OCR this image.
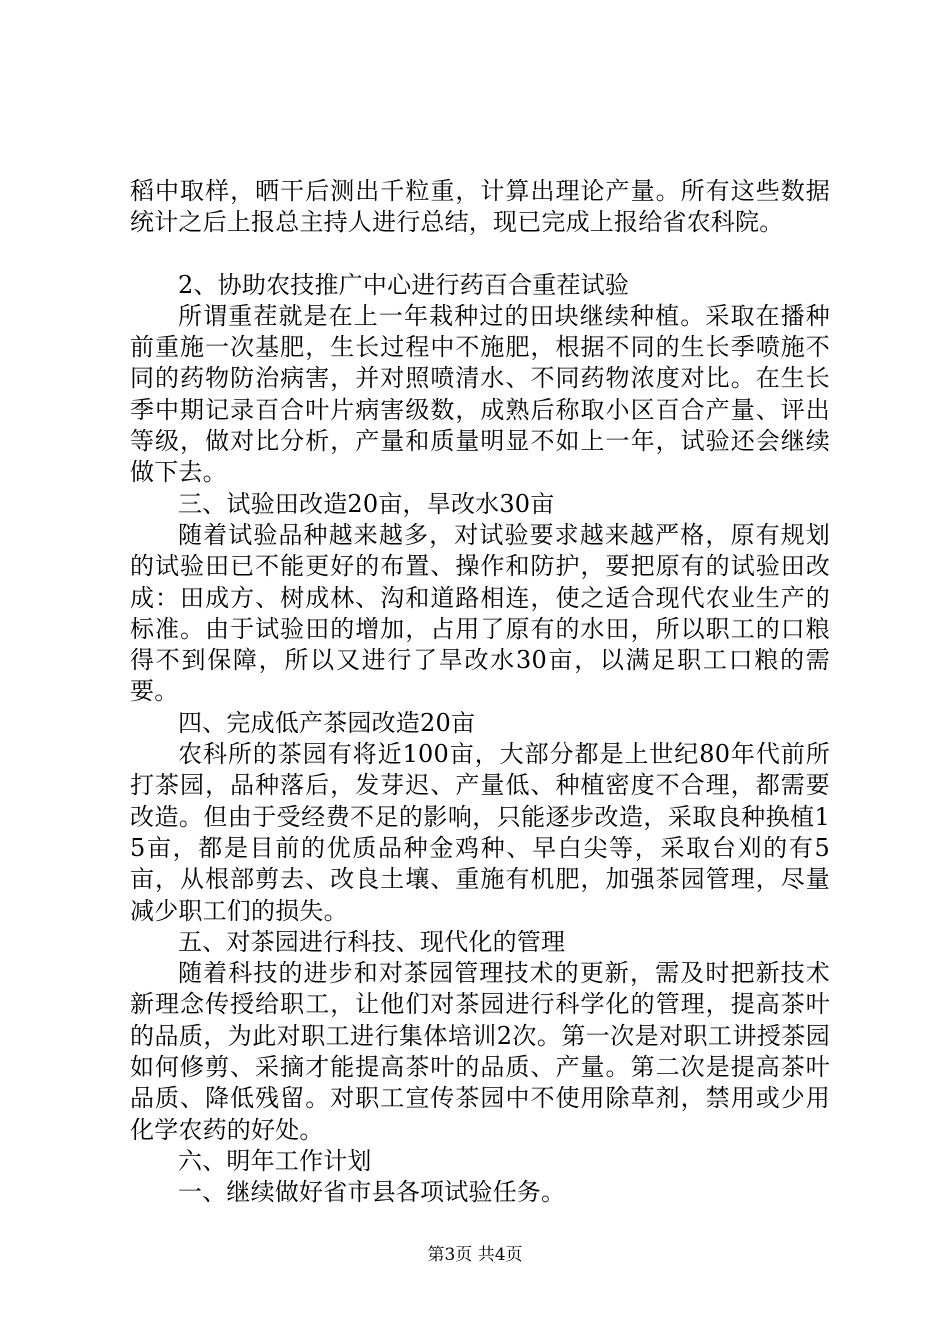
稻中取样，晒干后测出千粒重，计算出理论产量。所有这些数据统计之后上报总主持人进行总结，现已完成上报给省农科院。

2、协助农技推广中心进行药百合重茬试验

所谓重茬就是在上一年栽种过的田块继续种植。采取在播种前重施一次基肥，生长过程中不施肥，根据不同的生长季喷施不同的药物防治病害，并对照喷清水、不同药物浓度对比。在生长季中期记录百合叶片病害级数，成熟后称取小区百合产量、评出等级，做对比分析，产量和质量明显不如上一年，试验还会继续做下去。

三、试验田改造20亩，旱改水30亩

随着试验品种越来越多，对试验要求越来越严格，原有规划的试验田已不能更好的布置、操作和防护，要把原有的试验田改成：田成方、树成林、沟和道路相连，使之适合现代农业生产的标准。由于试验田的增加，占用了原有的水田，所以职工的口粮得不到保障，所以又进行了旱改水30亩，以满足职工口粮的需要。

四、完成低产茶园改造20亩

农科所的茶园有将近100亩，大部分都是上世纪80年代前所打茶园，品种落后，发芽迟、产量低、种植密度不合理，都需要改造。但由于受经费不足的影响，只能逐步改造，采取良种换植15亩，都是目前的优质品种金鸡种、早白尖等，采取台刈的有5亩，从根部剪去、改良土壤、重施有机肥，加强茶园管理，尽量减少职工们的损失。

五、对茶园进行科技、现代化的管理

随着科技的进步和对茶园管理技术的更新，需及时把新技术新理念传授给职工，让他们对茶园进行科学化的管理，提高茶叶的品质，为此对职工进行集体培训2次。第一次是对职工讲授茶园如何修剪、采摘才能提高茶叶的品质、产量。第二次是提高茶叶品质、降低残留。对职工宣传茶园中不使用除草剂，禁用或少用化学农药的好处。

六、明年工作计划

一、继续做好省市县各项试验任务。

第3页 共4页
